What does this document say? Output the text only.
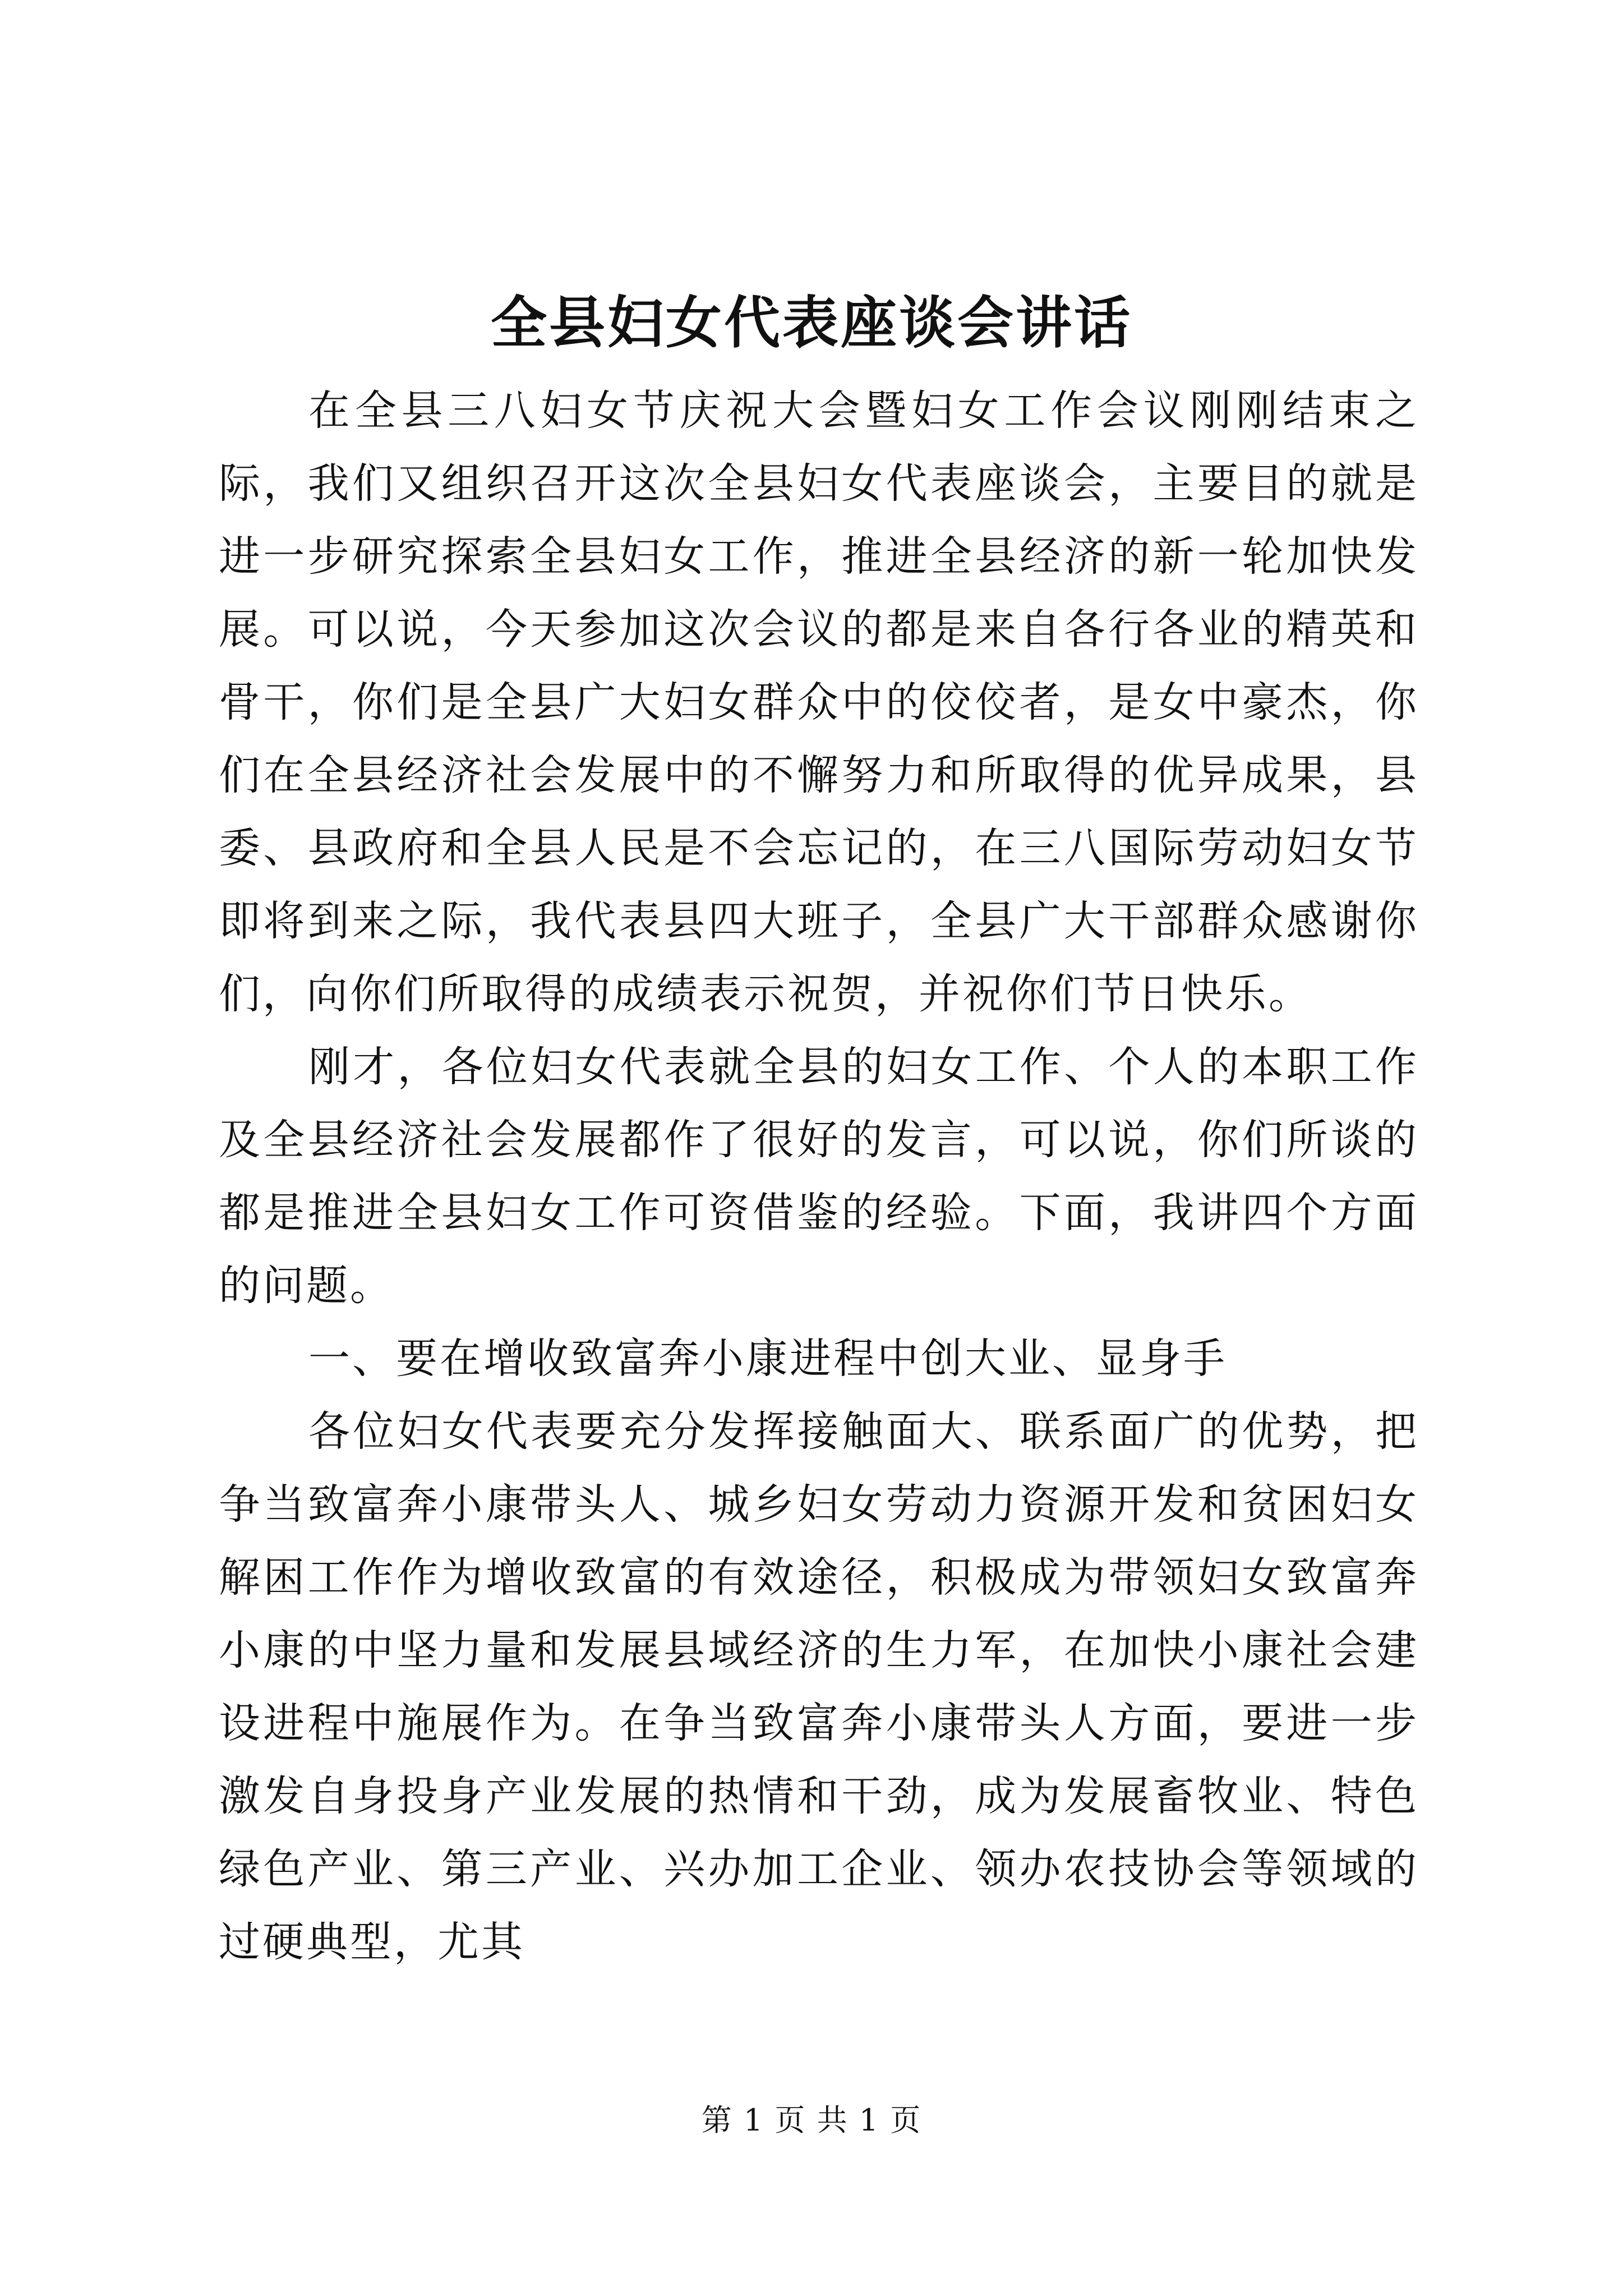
全县妇女代表座谈会讲话

在全县三八妇女节庆祝大会暨妇女工作会议刚刚结束之际，我们又组织召开这次全县妇女代表座谈会，主要目的就是进一步研究探索全县妇女工作，推进全县经济的新一轮加快发展。可以说，今天参加这次会议的都是来自各行各业的精英和骨干，你们是全县广大妇女群众中的佼佼者，是女中豪杰，你们在全县经济社会发展中的不懈努力和所取得的优异成果，县委、县政府和全县人民是不会忘记的，在三八国际劳动妇女节即将到来之际，我代表县四大班子，全县广大干部群众感谢你们，向你们所取得的成绩表示祝贺，并祝你们节日快乐。

刚才，各位妇女代表就全县的妇女工作、个人的本职工作及全县经济社会发展都作了很好的发言，可以说，你们所谈的都是推进全县妇女工作可资借鉴的经验。下面，我讲四个方面的问题。

一、要在增收致富奔小康进程中创大业、显身手

各位妇女代表要充分发挥接触面大、联系面广的优势，把争当致富奔小康带头人、城乡妇女劳动力资源开发和贫困妇女解困工作作为增收致富的有效途径，积极成为带领妇女致富奔小康的中坚力量和发展县域经济的生力军，在加快小康社会建设进程中施展作为。在争当致富奔小康带头人方面，要进一步激发自身投身产业发展的热情和干劲，成为发展畜牧业、特色绿色产业、第三产业、兴办加工企业、领办农技协会等领域的过硬典型，尤其

第 1 页 共 1 页
